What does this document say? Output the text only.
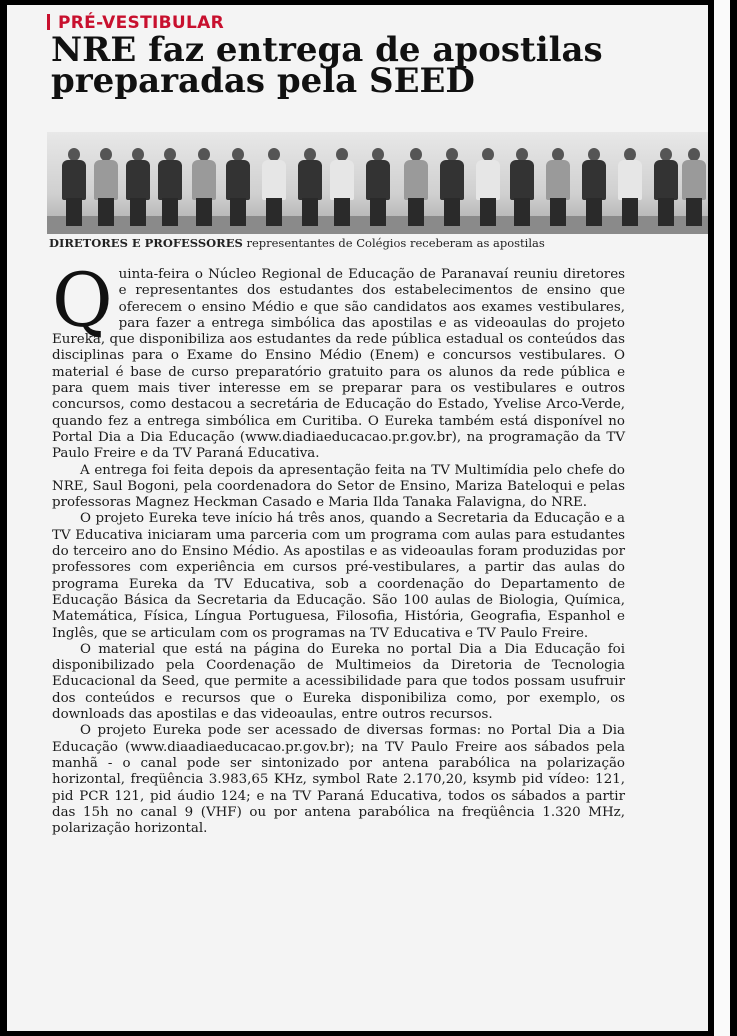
PRÉ-VESTIBULAR
NRE faz entrega de apostilas preparadas pela SEED
DIRETORES E PROFESSORES representantes de Colégios receberam as apostilas

Quinta-feira o Núcleo Regional de Educação de Paranavaí reuniu diretores e representantes dos estudantes dos estabelecimentos de ensino que oferecem o ensino Médio e que são candidatos aos exames vestibulares, para fazer a entrega simbólica das apostilas e as videoaulas do projeto Eureka, que disponibiliza aos estudantes da rede pública estadual os conteúdos das disciplinas para o Exame do Ensino Médio (Enem) e concursos vestibulares. O material é base de curso preparatório gratuito para os alunos da rede pública e para quem mais tiver interesse em se preparar para os vestibulares e outros concursos, como destacou a secretária de Educação do Estado, Yvelise Arco-Verde, quando fez a entrega simbólica em Curitiba. O Eureka também está disponível no Portal Dia a Dia Educação (www.diadiaeducacao.pr.gov.br), na programação da TV Paulo Freire e da TV Paraná Educativa.

A entrega foi feita depois da apresentação feita na TV Multimídia pelo chefe do NRE, Saul Bogoni, pela coordenadora do Setor de Ensino, Mariza Bateloqui e pelas professoras Magnez Heckman Casado e Maria Ilda Tanaka Falavigna, do NRE.

O projeto Eureka teve início há três anos, quando a Secretaria da Educação e a TV Educativa iniciaram uma parceria com um programa com aulas para estudantes do terceiro ano do Ensino Médio. As apostilas e as videoaulas foram produzidas por professores com experiência em cursos pré-vestibulares, a partir das aulas do programa Eureka da TV Educativa, sob a coordenação do Departamento de Educação Básica da Secretaria da Educação. São 100 aulas de Biologia, Química, Matemática, Física, Língua Portuguesa, Filosofia, História, Geografia, Espanhol e Inglês, que se articulam com os programas na TV Educativa e TV Paulo Freire.

O material que está na página do Eureka no portal Dia a Dia Educação foi disponibilizado pela Coordenação de Multimeios da Diretoria de Tecnologia Educacional da Seed, que permite a acessibilidade para que todos possam usufruir dos conteúdos e recursos que o Eureka disponibiliza como, por exemplo, os downloads das apostilas e das videoaulas, entre outros recursos.

O projeto Eureka pode ser acessado de diversas formas: no Portal Dia a Dia Educação (www.diaadiaeducacao.pr.gov.br); na TV Paulo Freire aos sábados pela manhã - o canal pode ser sintonizado por antena parabólica na polarização horizontal, freqüência 3.983,65 KHz, symbol Rate 2.170,20, ksymb pid vídeo: 121, pid PCR 121, pid áudio 124; e na TV Paraná Educativa, todos os sábados a partir das 15h no canal 9 (VHF) ou por antena parabólica na freqüência 1.320 MHz, polarização horizontal.
